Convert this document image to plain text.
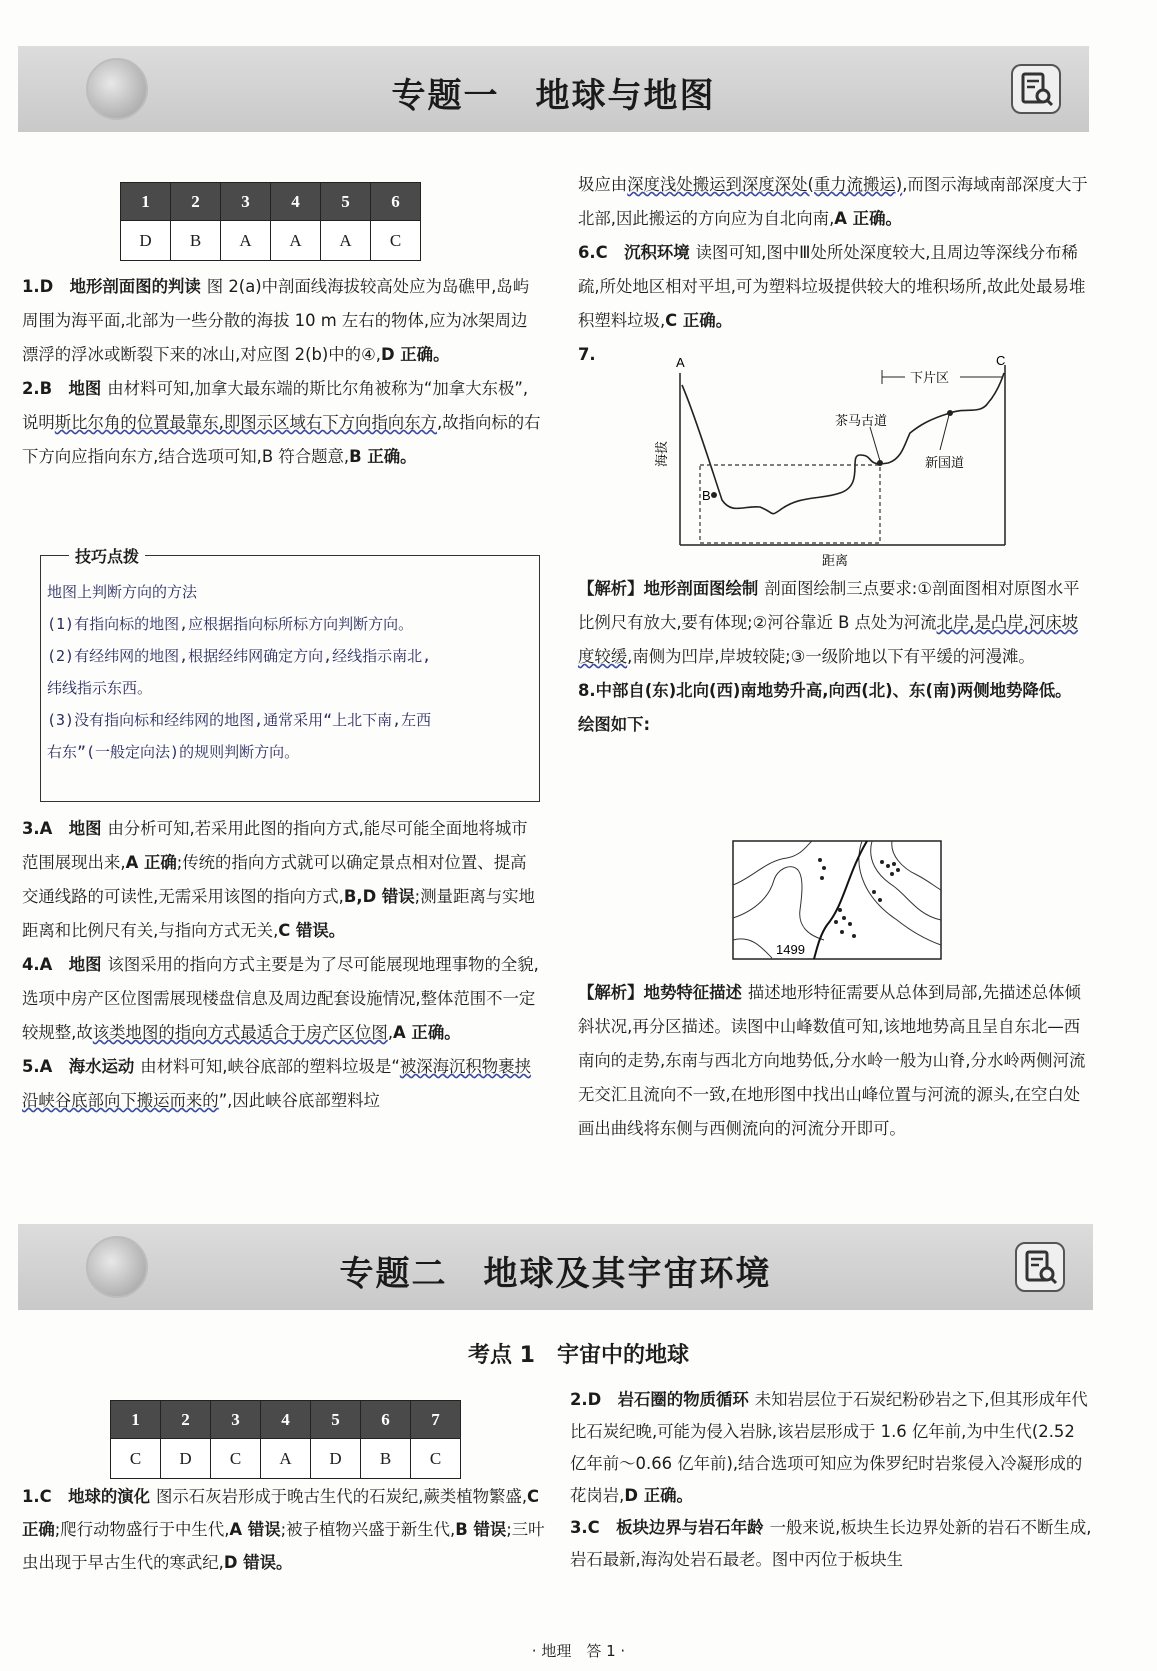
专题一　地球与地图
1	2	3	4	5	6
D	B	A	A	A	C

1.D　 地形剖面图的判读 图 2(a)中剖面线海拔较高处应为岛礁甲,岛屿周围为海平面,北部为一些分散的海拔 10 m 左右的物体,应为冰架周边漂浮的浮冰或断裂下来的冰山,对应图 2(b)中的④,D 正确。

2.B　 地图 由材料可知,加拿大最东端的斯比尔角被称为“加拿大东极”,说明斯比尔角的位置最靠东,即图示区域右下方向指向东方,故指向标的右下方向应指向东方,结合选项可知,B 符合题意,B 正确。

技巧点拨
地图上判断方向的方法
(1)有指向标的地图,应根据指向标所标方向判断方向。
(2)有经纬网的地图,根据经纬网确定方向,经线指示南北,
纬线指示东西。
(3)没有指向标和经纬网的地图,通常采用“上北下南,左西
右东”(一般定向法)的规则判断方向。

3.A　 地图 由分析可知,若采用此图的指向方式,能尽可能全面地将城市范围展现出来,A 正确;传统的指向方式就可以确定景点相对位置、提高交通线路的可读性,无需采用该图的指向方式,B,D 错误;测量距离与实地距离和比例尺有关,与指向方式无关,C 错误。

4.A　 地图 该图采用的指向方式主要是为了尽可能展现地理事物的全貌,选项中房产区位图需展现楼盘信息及周边配套设施情况,整体范围不一定较规整,故该类地图的指向方式最适合于房产区位图,A 正确。

5.A　 海水运动 由材料可知,峡谷底部的塑料垃圾是“被深海沉积物裹挟沿峡谷底部向下搬运而来的”,因此峡谷底部塑料垃

圾应由深度浅处搬运到深度深处(重力流搬运),而图示海域南部深度大于北部,因此搬运的方向应为自北向南,A 正确。

6.C　 沉积环境 读图可知,图中Ⅲ处所处深度较大,且周边等深线分布稀疏,所处地区相对平坦,可为塑料垃圾提供较大的堆积场所,故此处最易堆积塑料垃圾,C 正确。

7.	A	C
海拔
距离
B
茶马古道
新国道
下片区

【解析】地形剖面图绘制 剖面图绘制三点要求:①剖面图相对原图水平比例尺有放大,要有体现;②河谷靠近 B 点处为河流北岸,是凸岸,河床坡度较缓,南侧为凹岸,岸坡较陡;③一级阶地以下有平缓的河漫滩。

8.中部自(东)北向(西)南地势升高,向西(北)、东(南)两侧地势降低。

绘图如下:

1499

【解析】地势特征描述 描述地形特征需要从总体到局部,先描述总体倾斜状况,再分区描述。读图中山峰数值可知,该地地势高且呈自东北—西南向的走势,东南与西北方向地势低,分水岭一般为山脊,分水岭两侧河流无交汇且流向不一致,在地形图中找出山峰位置与河流的源头,在空白处画出曲线将东侧与西侧流向的河流分开即可。

专题二　地球及其宇宙环境
考点 1　宇宙中的地球
1	2	3	4	5	6	7
C	D	C	A	D	B	C

1.C　 地球的演化 图示石灰岩形成于晚古生代的石炭纪,蕨类植物繁盛,C 正确;爬行动物盛行于中生代,A 错误;被子植物兴盛于新生代,B 错误;三叶虫出现于早古生代的寒武纪,D 错误。

2.D　 岩石圈的物质循环 未知岩层位于石炭纪粉砂岩之下,但其形成年代比石炭纪晚,可能为侵入岩脉,该岩层形成于 1.6 亿年前,为中生代(2.52 亿年前～0.66 亿年前),结合选项可知应为侏罗纪时岩浆侵入冷凝形成的花岗岩,D 正确。

3.C　 板块边界与岩石年龄 一般来说,板块生长边界处新的岩石不断生成,岩石最新,海沟处岩石最老。图中丙位于板块生

· 地理　答 1 ·
